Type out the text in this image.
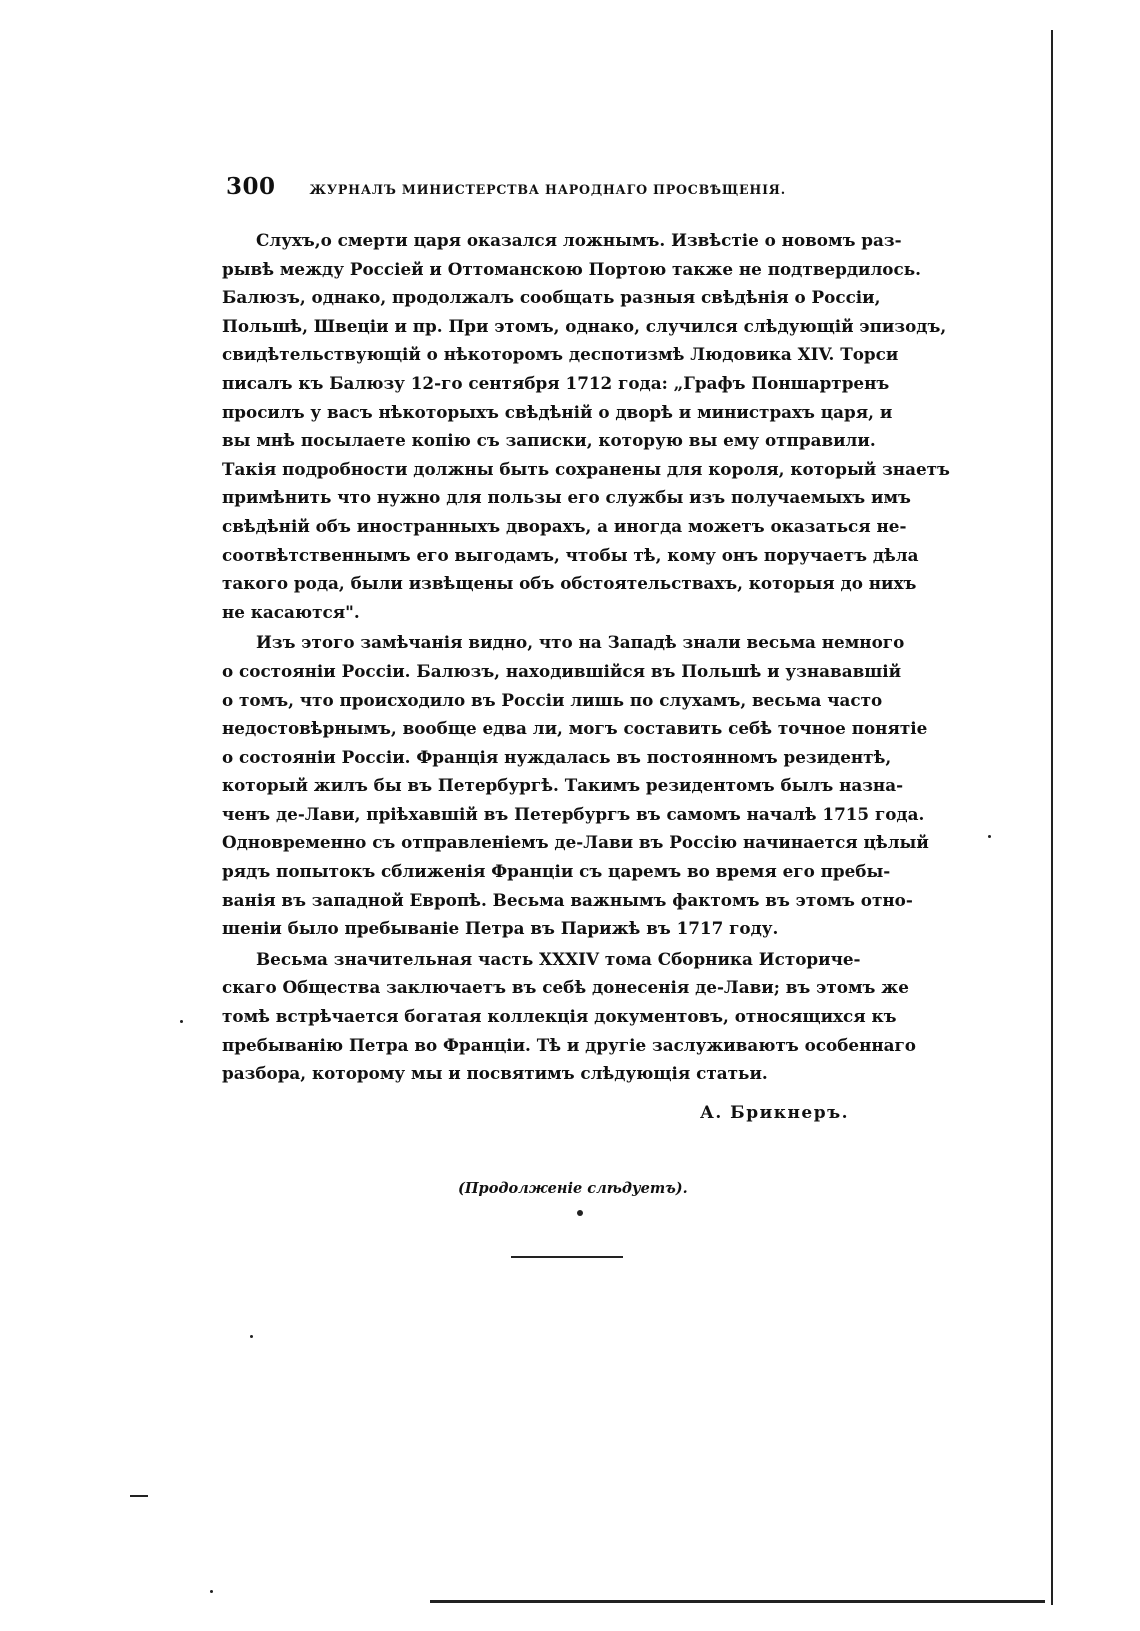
300	ЖУРНАЛЪ МИНИСТЕРСТВА НАРОДНАГО ПРОСВѢЩЕНІЯ.
Слухъ,о смерти царя оказался ложнымъ. Извѣстіе о новомъ раз-
рывѣ между Россіей и Оттоманскою Портою также не подтвердилось.
Балюзъ, однако, продолжалъ сообщать разныя свѣдѣнія о Россіи,
Польшѣ, Швеціи и пр. При этомъ, однако, случился слѣдующій эпизодъ,
свидѣтельствующій о нѣкоторомъ деспотизмѣ Людовика XIV. Торси
писалъ къ Балюзу 12-го сентября 1712 года: „Графъ Поншартренъ
просилъ у васъ нѣкоторыхъ свѣдѣній о дворѣ и министрахъ царя, и
вы мнѣ посылаете копію съ записки, которую вы ему отправили.
Такія подробности должны быть сохранены для короля, который знаетъ
примѣнить что нужно для пользы его службы изъ получаемыхъ имъ
свѣдѣній объ иностранныхъ дворахъ, а иногда можетъ оказаться не-
соотвѣтственнымъ его выгодамъ, чтобы тѣ, кому онъ поручаетъ дѣла
такого рода, были извѣщены объ обстоятельствахъ, которыя до нихъ
не касаются".
Изъ этого замѣчанія видно, что на Западѣ знали весьма немного
о состояніи Россіи. Балюзъ, находившійся въ Польшѣ и узнававшій
о томъ, что происходило въ Россіи лишь по слухамъ, весьма часто
недостовѣрнымъ, вообще едва ли, могъ составить себѣ точное понятіе
о состояніи Россіи. Франція нуждалась въ постоянномъ резидентѣ,
который жилъ бы въ Петербургѣ. Такимъ резидентомъ былъ назна-
ченъ де-Лави, пріѣхавшій въ Петербургъ въ самомъ началѣ 1715 года.
Одновременно съ отправленіемъ де-Лави въ Россію начинается цѣлый
рядъ попытокъ сближенія Франціи съ царемъ во время его пребы-
ванія въ западной Европѣ. Весьма важнымъ фактомъ въ этомъ отно-
шеніи было пребываніе Петра въ Парижѣ въ 1717 году.
Весьма значительная часть XXXIV тома Сборника Историче-
скаго Общества заключаетъ въ себѣ донесенія де-Лави; въ этомъ же
томѣ встрѣчается богатая коллекція документовъ, относящихся къ
пребыванію Петра во Франціи. Тѣ и другіе заслуживаютъ особеннаго
разбора, которому мы и посвятимъ слѣдующія статьи.
А. Брикнеръ.
(Продолженіе слѣдуетъ).
